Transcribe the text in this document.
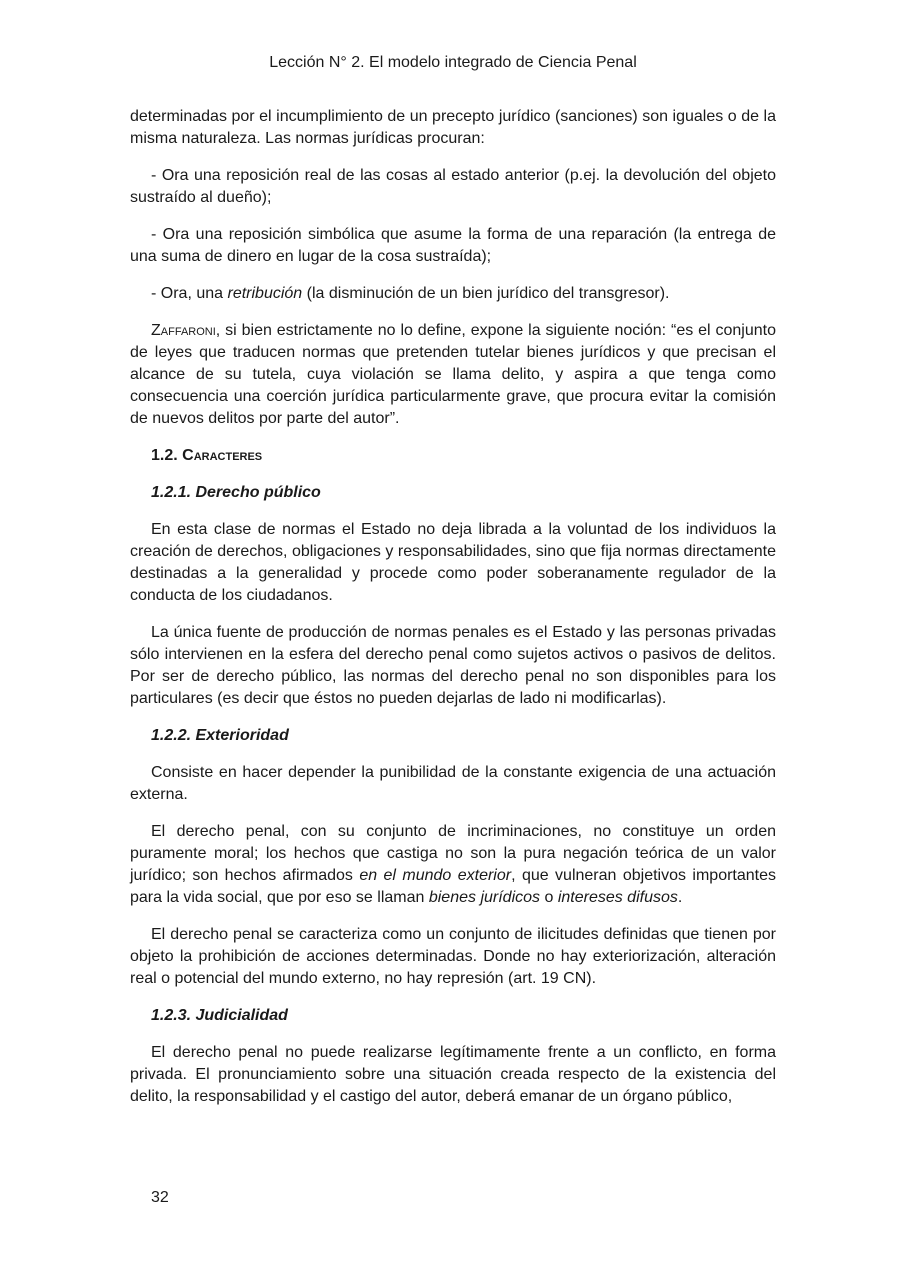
Lección N° 2. El modelo integrado de Ciencia Penal

determinadas por el incumplimiento de un precepto jurídico (sanciones) son iguales o de la misma naturaleza. Las normas jurídicas procuran:

- Ora una reposición real de las cosas al estado anterior (p.ej. la devolución del objeto sustraído al dueño);

- Ora una reposición simbólica que asume la forma de una reparación (la entrega de una suma de dinero en lugar de la cosa sustraída);

- Ora, una retribución (la disminución de un bien jurídico del transgresor).

Zaffaroni, si bien estrictamente no lo define, expone la siguiente noción: “es el conjunto de leyes que traducen normas que pretenden tutelar bienes jurídicos y que precisan el alcance de su tutela, cuya violación se llama delito, y aspira a que tenga como consecuencia una coerción jurídica particularmente grave, que procura evitar la comisión de nuevos delitos por parte del autor”.

1.2. Caracteres

1.2.1. Derecho público

En esta clase de normas el Estado no deja librada a la voluntad de los individuos la creación de derechos, obligaciones y responsabilidades, sino que fija normas directamente destinadas a la generalidad y procede como poder soberanamente regulador de la conducta de los ciudadanos.

La única fuente de producción de normas penales es el Estado y las personas privadas sólo intervienen en la esfera del derecho penal como sujetos activos o pasivos de delitos. Por ser de derecho público, las normas del derecho penal no son disponibles para los particulares (es decir que éstos no pueden dejarlas de lado ni modificarlas).

1.2.2. Exterioridad

Consiste en hacer depender la punibilidad de la constante exigencia de una actuación externa.

El derecho penal, con su conjunto de incriminaciones, no constituye un orden puramente moral; los hechos que castiga no son la pura negación teórica de un valor jurídico; son hechos afirmados en el mundo exterior, que vulneran objetivos importantes para la vida social, que por eso se llaman bienes jurídicos o intereses difusos.

El derecho penal se caracteriza como un conjunto de ilicitudes definidas que tienen por objeto la prohibición de acciones determinadas. Donde no hay exteriorización, alteración real o potencial del mundo externo, no hay represión (art. 19 CN).

1.2.3. Judicialidad

El derecho penal no puede realizarse legítimamente frente a un conflicto, en forma privada. El pronunciamiento sobre una situación creada respecto de la existencia del delito, la responsabilidad y el castigo del autor, deberá emanar de un órgano público,

32
